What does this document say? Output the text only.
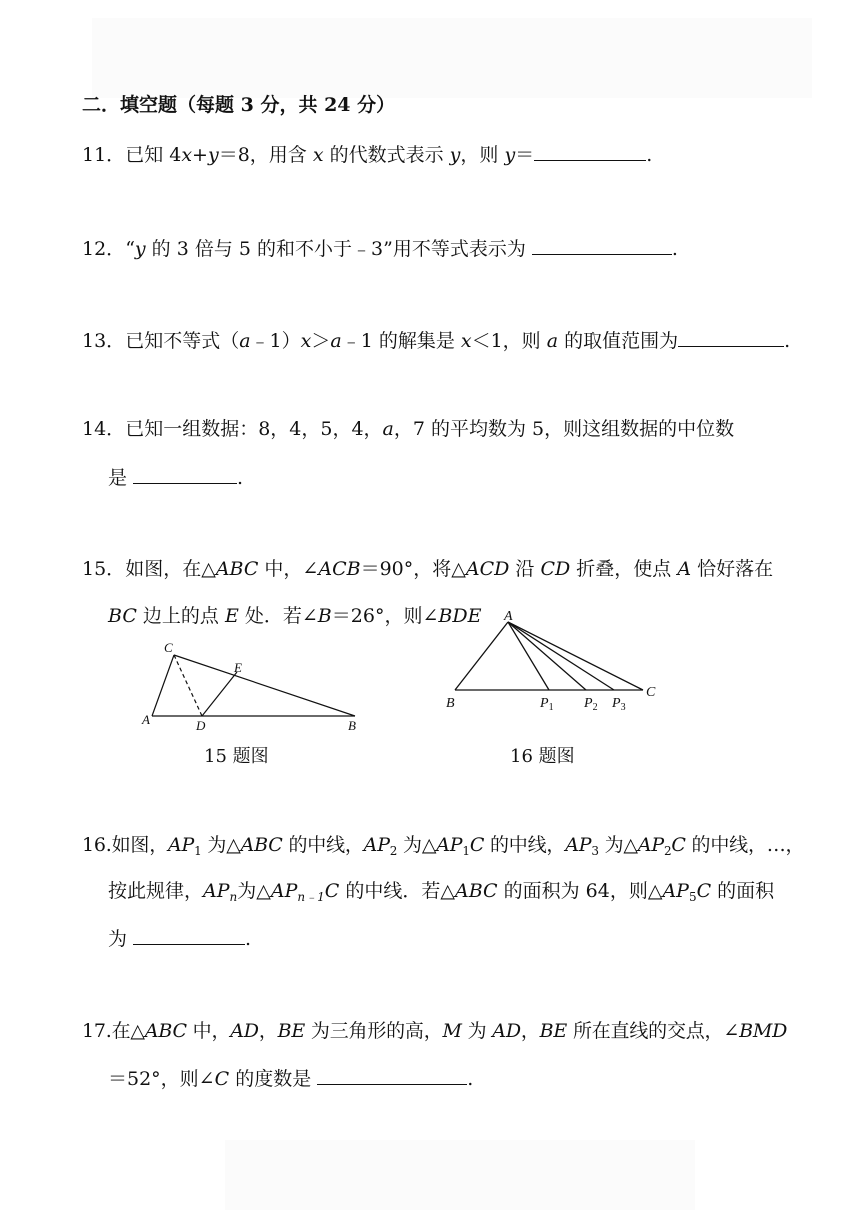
二．填空题（每题 3 分，共 24 分）
11．已知 4x+y＝8，用含 x 的代数式表示 y，则 y＝	.
12．“y 的 3 倍与 5 的和不小于﹣3”用不等式表示为	.
13．已知不等式（a﹣1）x＞a﹣1 的解集是 x＜1，则 a 的取值范围为	.
14．已知一组数据：8，4，5，4，a，7 的平均数为 5，则这组数据的中位数
是	.
15．如图，在△ABC 中，∠ACB＝90°，将△ACD 沿 CD 折叠，使点 A 恰好落在
BC 边上的点 E 处．若∠B＝26°，则∠BDE
C
E
A	D	B
15 题图
A
B
C
$P_1$ $P_2$ $P_3$
16 题图
16.如图，$AP_1$ 为△ABC 的中线，$AP_2$ 为$\triangle AP_1C$ 的中线，$AP_3$ 为$\triangle AP_2C$ 的中线，…，
按此规律，$AP_n$为$\triangle AP_{n﹣1}C$ 的中线．若△ABC 的面积为 64，则$\triangle AP_5C$ 的面积
为	.
17.在△ABC 中，AD，BE 为三角形的高，M 为 AD，BE 所在直线的交点，∠BMD
＝52°，则∠C 的度数是	.
